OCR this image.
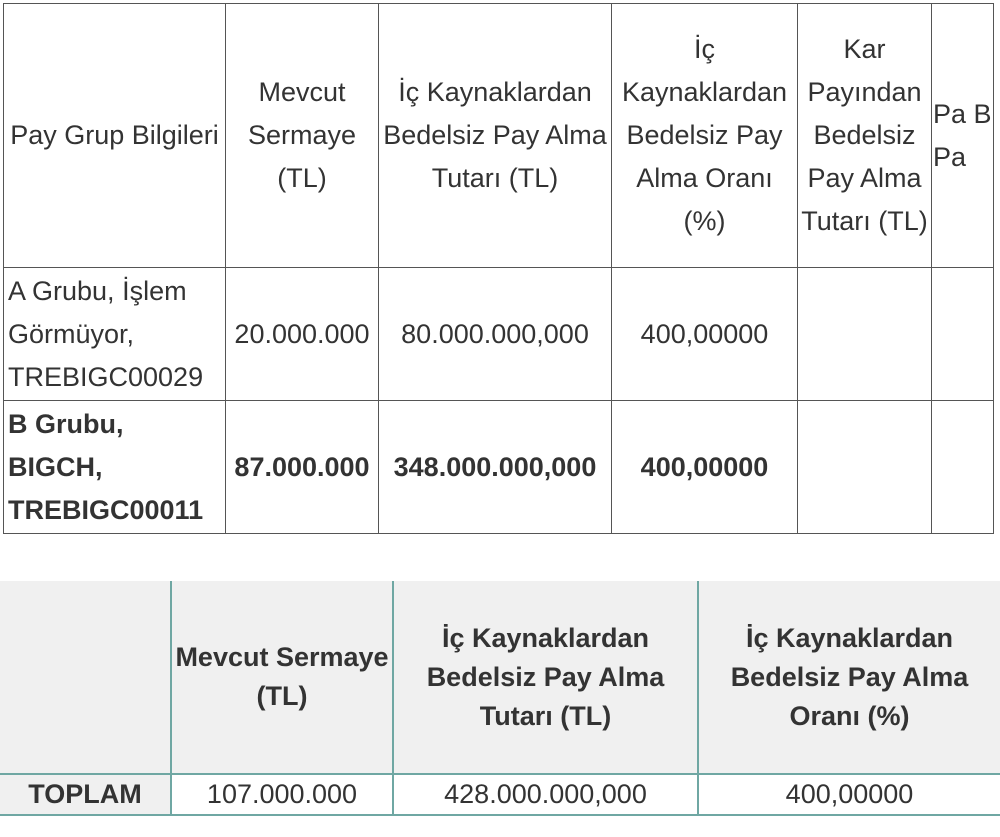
Pay Grup Bilgileri	Mevcut Sermaye (TL)	İç Kaynaklardan Bedelsiz Pay Alma Tutarı (TL)	İç Kaynaklardan Bedelsiz Pay Alma Oranı (%)	Kar Payından Bedelsiz Pay Alma Tutarı (TL)	Pa B Pa
A Grubu, İşlem Görmüyor, TREBIGC00029	20.000.000	80.000.000,000	400,00000		
B Grubu, BIGCH, TREBIGC00011	87.000.000	348.000.000,000	400,00000		
	Mevcut Sermaye (TL)	İç Kaynaklardan Bedelsiz Pay Alma Tutarı (TL)	İç Kaynaklardan Bedelsiz Pay Alma Oranı (%)
TOPLAM	107.000.000	428.000.000,000	400,00000
